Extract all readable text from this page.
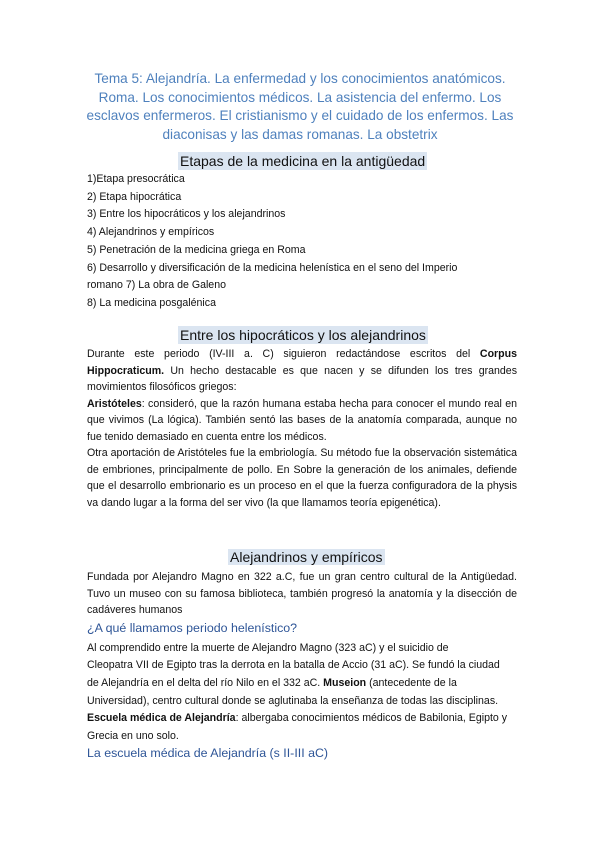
Tema 5: Alejandría. La enfermedad y los conocimientos anatómicos. Roma. Los conocimientos médicos. La asistencia del enfermo. Los esclavos enfermeros. El cristianismo y el cuidado de los enfermos. Las diaconisas y las damas romanas. La obstetrix
Etapas de la medicina en la antigüedad
1)Etapa presocrática
2) Etapa hipocrática
3) Entre los hipocráticos y los alejandrinos
4) Alejandrinos y empíricos
5) Penetración de la medicina griega en Roma
6) Desarrollo y diversificación de la medicina helenística en el seno del Imperio
romano 7) La obra de Galeno
8) La medicina posgalénica
Entre los hipocráticos y los alejandrinos

Durante este periodo (IV-III a. C) siguieron redactándose escritos del Corpus Hippocraticum. Un hecho destacable es que nacen y se difunden los tres grandes movimientos filosóficos griegos:

Aristóteles: consideró, que la razón humana estaba hecha para conocer el mundo real en que vivimos (La lógica). También sentó las bases de la anatomía comparada, aunque no fue tenido demasiado en cuenta entre los médicos.

Otra aportación de Aristóteles fue la embriología. Su método fue la observación sistemática de embriones, principalmente de pollo. En Sobre la generación de los animales, defiende que el desarrollo embrionario es un proceso en el que la fuerza configuradora de la physis va dando lugar a la forma del ser vivo (la que llamamos teoría epigenética).

Alejandrinos y empíricos
Fundada por Alejandro Magno en 322 a.C, fue un gran centro cultural de la Antigüedad. Tuvo un museo con su famosa biblioteca, también progresó la anatomía y la disección de cadáveres humanos
¿A qué llamamos periodo helenístico?
Al comprendido entre la muerte de Alejandro Magno (323 aC) y el suicidio de
Cleopatra VII de Egipto tras la derrota en la batalla de Accio (31 aC). Se fundó la ciudad
de Alejandría en el delta del río Nilo en el 332 aC. Museion (antecedente de la
Universidad), centro cultural donde se aglutinaba la enseñanza de todas las disciplinas.
Escuela médica de Alejandría: albergaba conocimientos médicos de Babilonia, Egipto y
Grecia en uno solo.
La escuela médica de Alejandría (s II-III aC)
